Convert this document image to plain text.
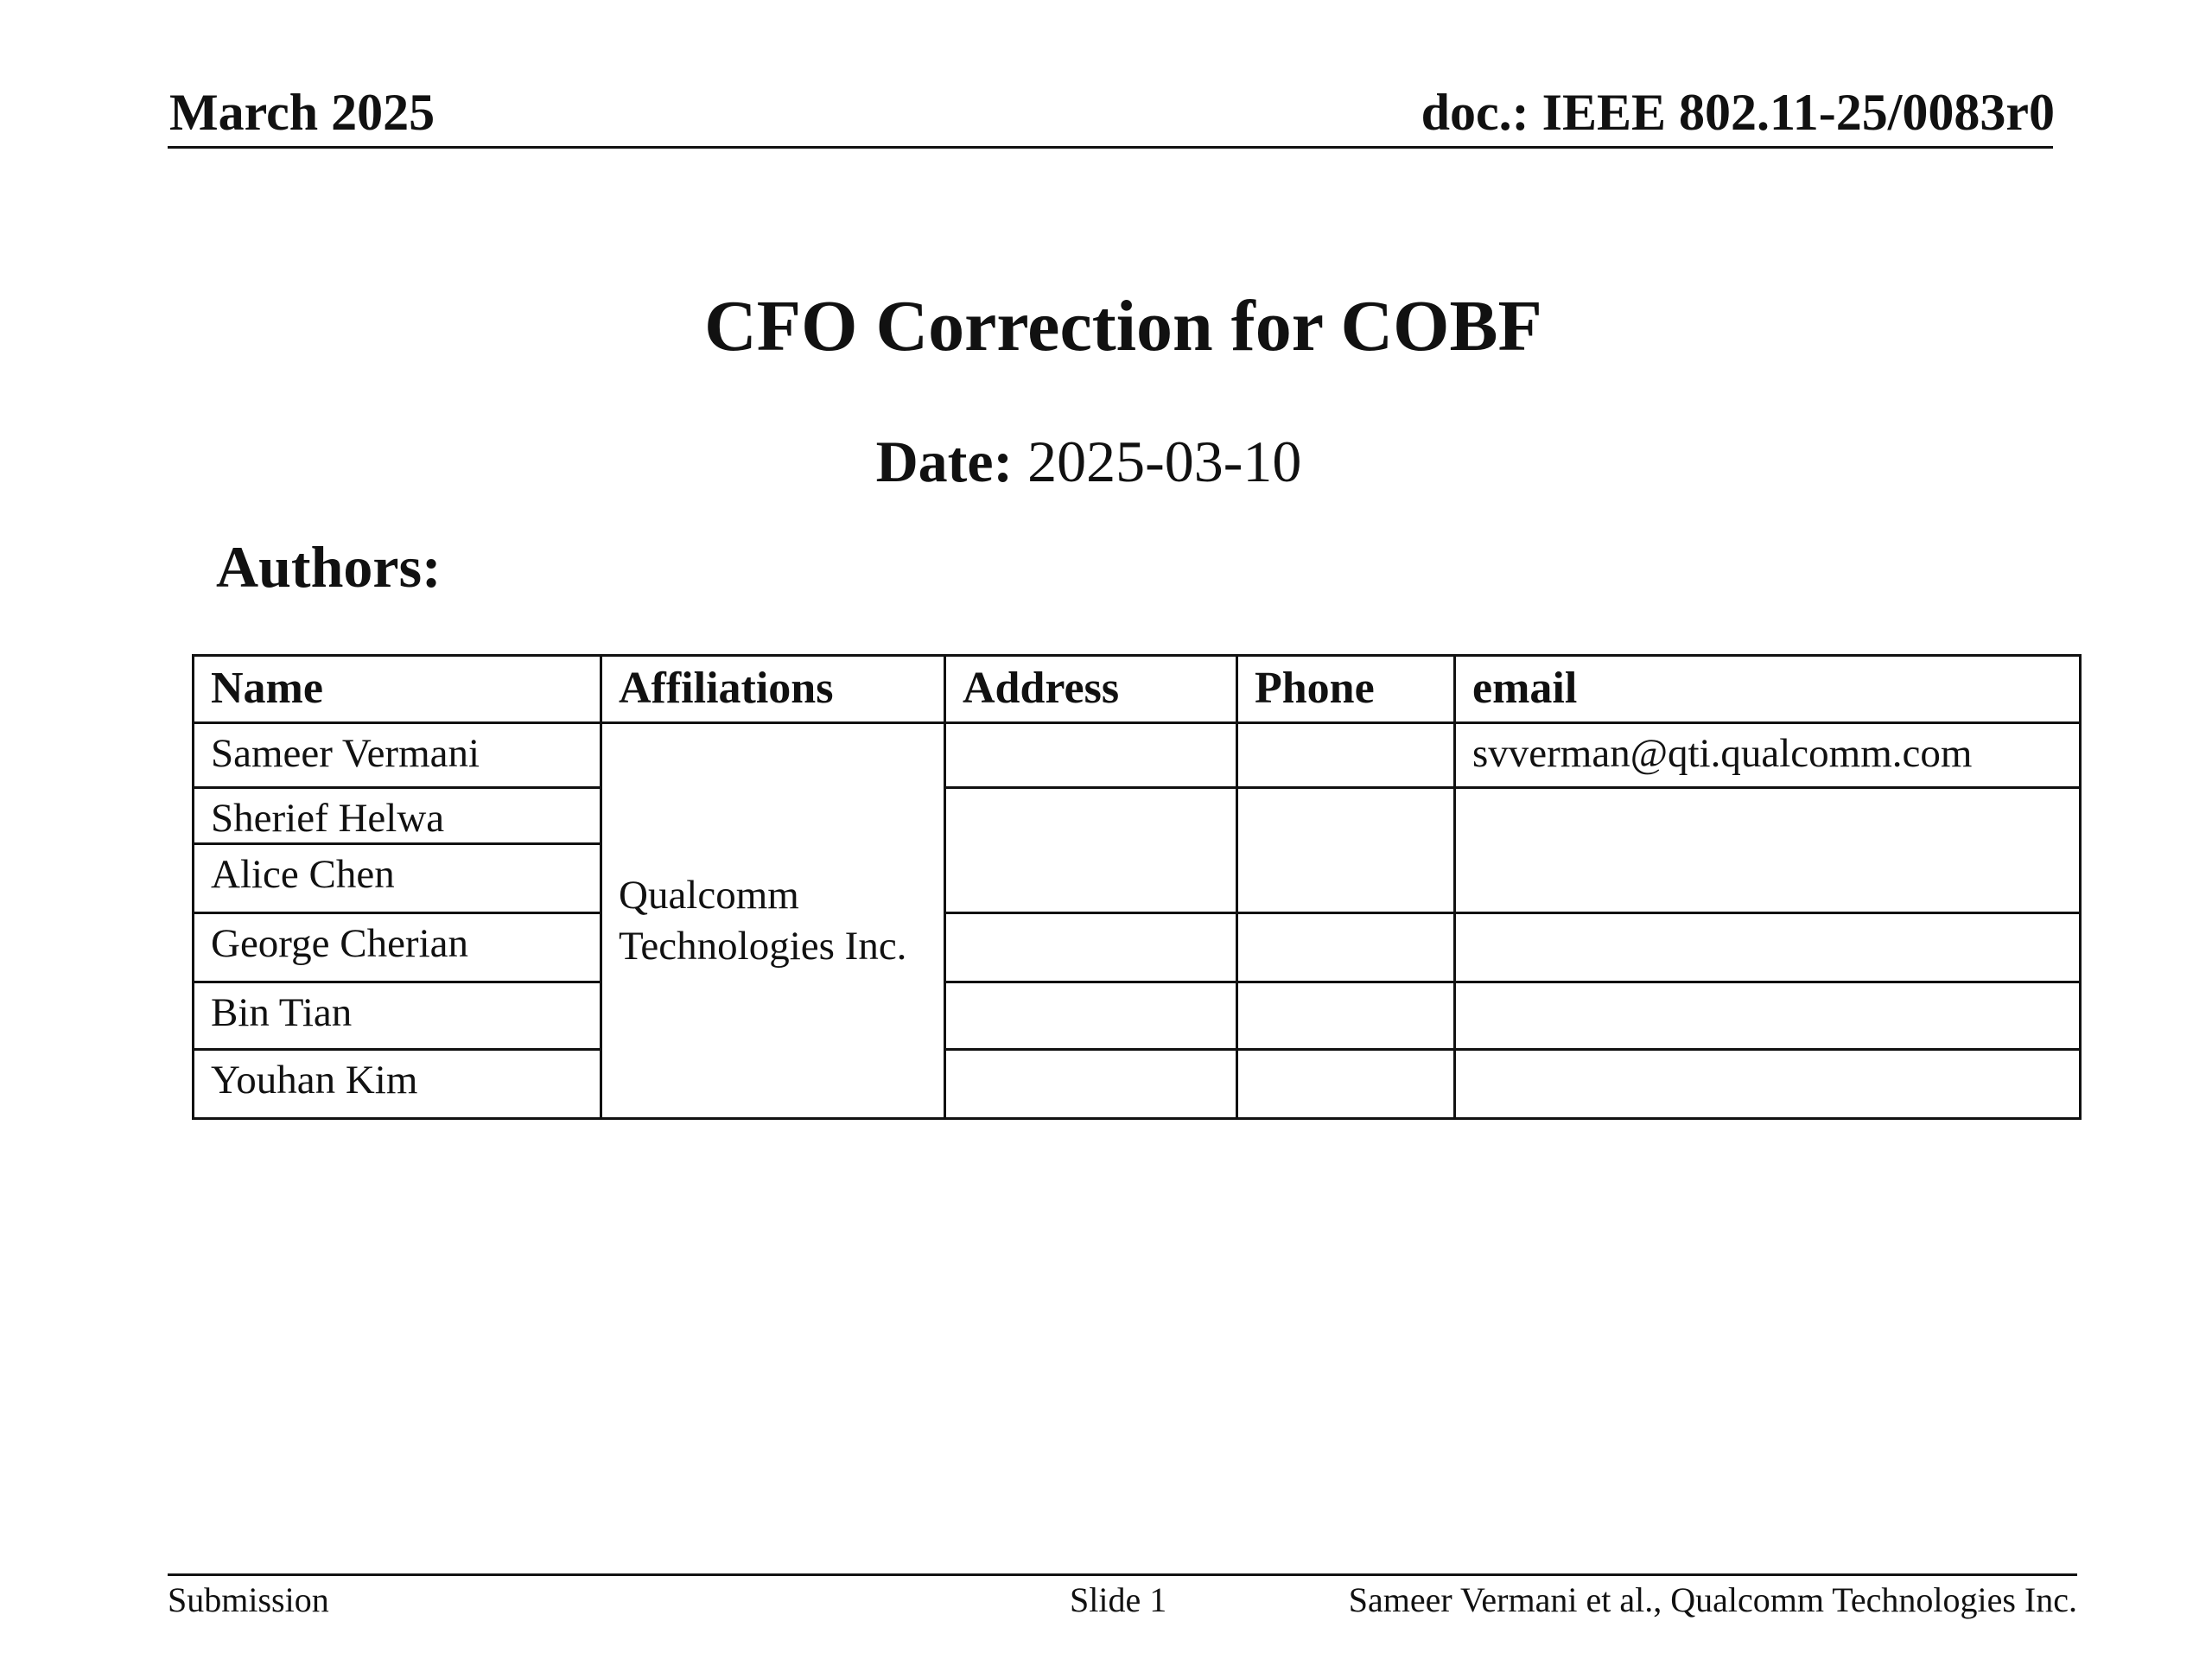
March 2025	doc.: IEEE 802.11-25/0083r0
CFO Correction for COBF
Date: 2025-03-10
Authors:
Name	Affiliations	Address	Phone	email
Sameer Vermani	Qualcomm Technologies Inc.			svverman@qti.qualcomm.com
Sherief Helwa				
Alice Chen				
George Cherian				
Bin Tian				
Youhan Kim				
Submission	Slide 1	Sameer Vermani et al., Qualcomm Technologies Inc.
